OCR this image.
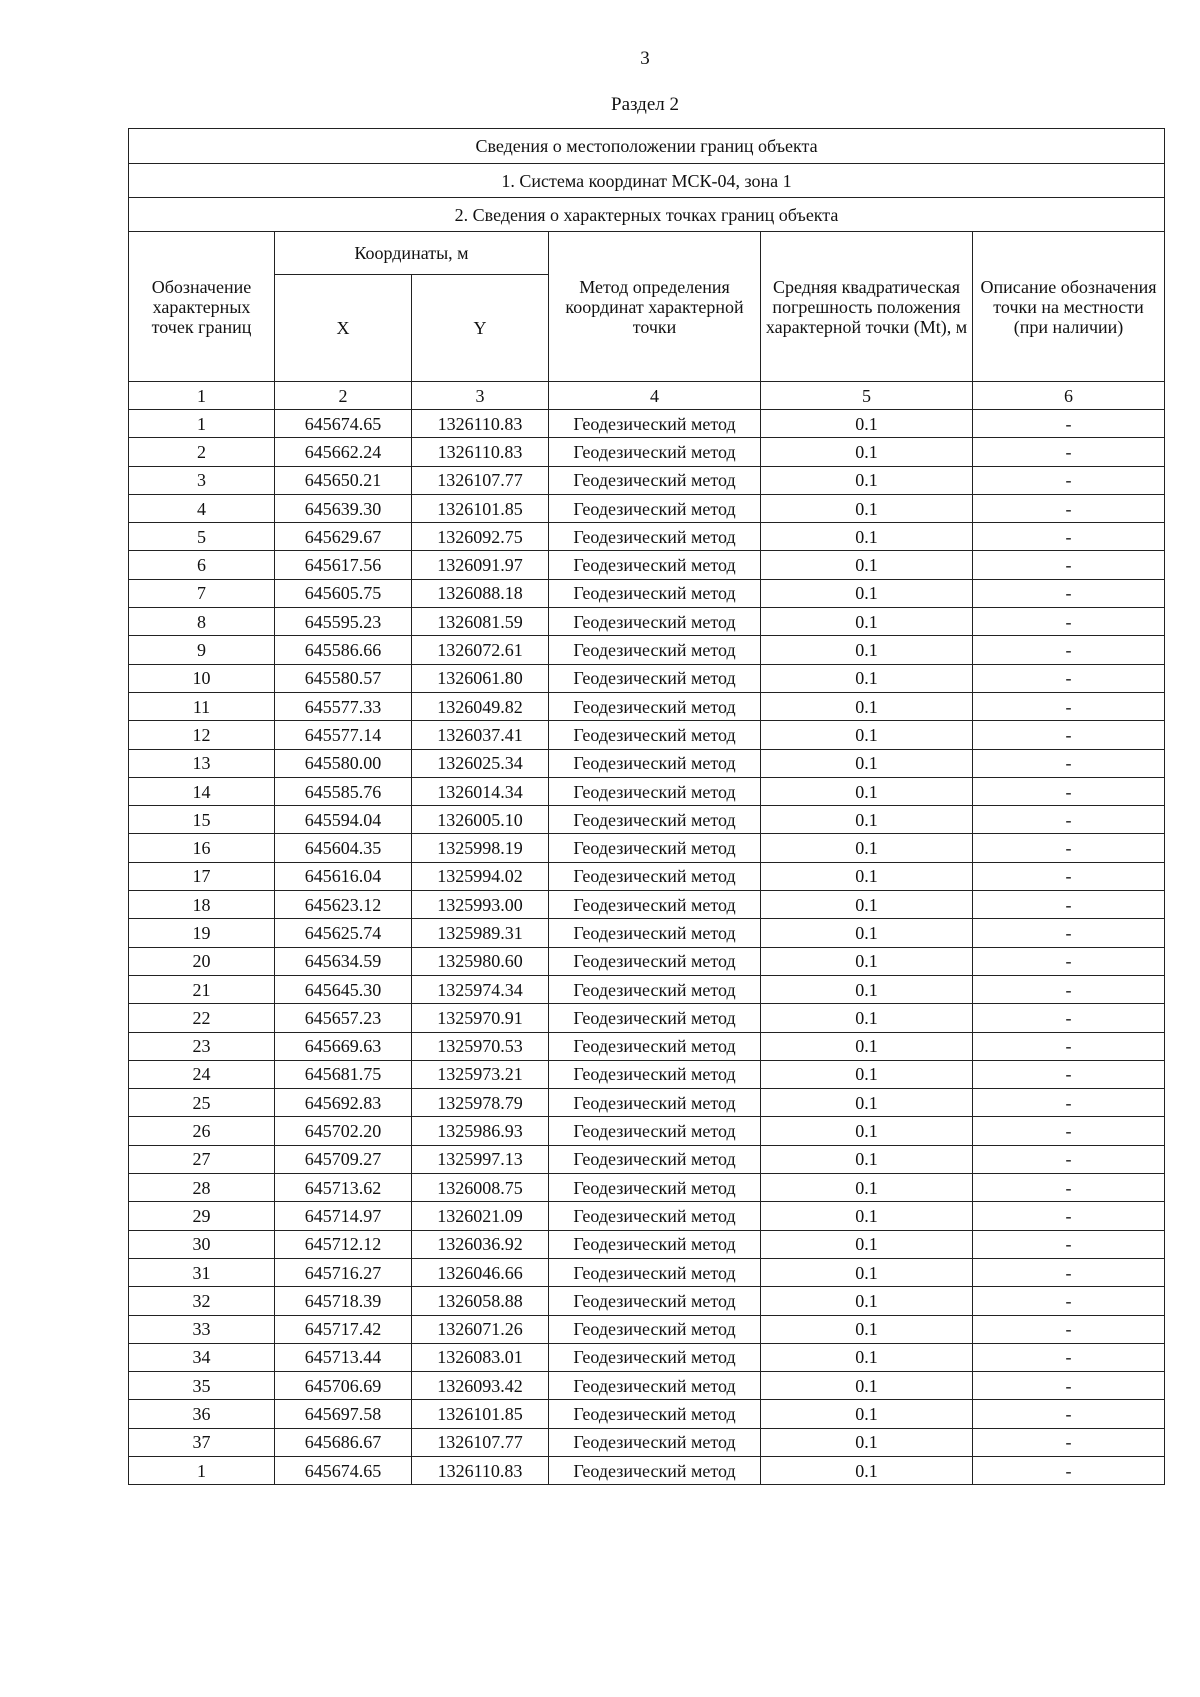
3
Раздел 2
Сведения о местоположении границ объекта					
1. Система координат МСК-04, зона 1					
2. Сведения о характерных точках границ объекта					
Обозначение характерных точек границ	Координаты, м		Метод определения координат характерной точки	Средняя квадратическая погрешность положения характерной точки (Mt), м	Описание обозначения точки на местности (при наличии)
	X	Y			
1	2	3	4	5	6
1	645674.65	1326110.83	Геодезический метод	0.1	-
2	645662.24	1326110.83	Геодезический метод	0.1	-
3	645650.21	1326107.77	Геодезический метод	0.1	-
4	645639.30	1326101.85	Геодезический метод	0.1	-
5	645629.67	1326092.75	Геодезический метод	0.1	-
6	645617.56	1326091.97	Геодезический метод	0.1	-
7	645605.75	1326088.18	Геодезический метод	0.1	-
8	645595.23	1326081.59	Геодезический метод	0.1	-
9	645586.66	1326072.61	Геодезический метод	0.1	-
10	645580.57	1326061.80	Геодезический метод	0.1	-
11	645577.33	1326049.82	Геодезический метод	0.1	-
12	645577.14	1326037.41	Геодезический метод	0.1	-
13	645580.00	1326025.34	Геодезический метод	0.1	-
14	645585.76	1326014.34	Геодезический метод	0.1	-
15	645594.04	1326005.10	Геодезический метод	0.1	-
16	645604.35	1325998.19	Геодезический метод	0.1	-
17	645616.04	1325994.02	Геодезический метод	0.1	-
18	645623.12	1325993.00	Геодезический метод	0.1	-
19	645625.74	1325989.31	Геодезический метод	0.1	-
20	645634.59	1325980.60	Геодезический метод	0.1	-
21	645645.30	1325974.34	Геодезический метод	0.1	-
22	645657.23	1325970.91	Геодезический метод	0.1	-
23	645669.63	1325970.53	Геодезический метод	0.1	-
24	645681.75	1325973.21	Геодезический метод	0.1	-
25	645692.83	1325978.79	Геодезический метод	0.1	-
26	645702.20	1325986.93	Геодезический метод	0.1	-
27	645709.27	1325997.13	Геодезический метод	0.1	-
28	645713.62	1326008.75	Геодезический метод	0.1	-
29	645714.97	1326021.09	Геодезический метод	0.1	-
30	645712.12	1326036.92	Геодезический метод	0.1	-
31	645716.27	1326046.66	Геодезический метод	0.1	-
32	645718.39	1326058.88	Геодезический метод	0.1	-
33	645717.42	1326071.26	Геодезический метод	0.1	-
34	645713.44	1326083.01	Геодезический метод	0.1	-
35	645706.69	1326093.42	Геодезический метод	0.1	-
36	645697.58	1326101.85	Геодезический метод	0.1	-
37	645686.67	1326107.77	Геодезический метод	0.1	-
1	645674.65	1326110.83	Геодезический метод	0.1	-
